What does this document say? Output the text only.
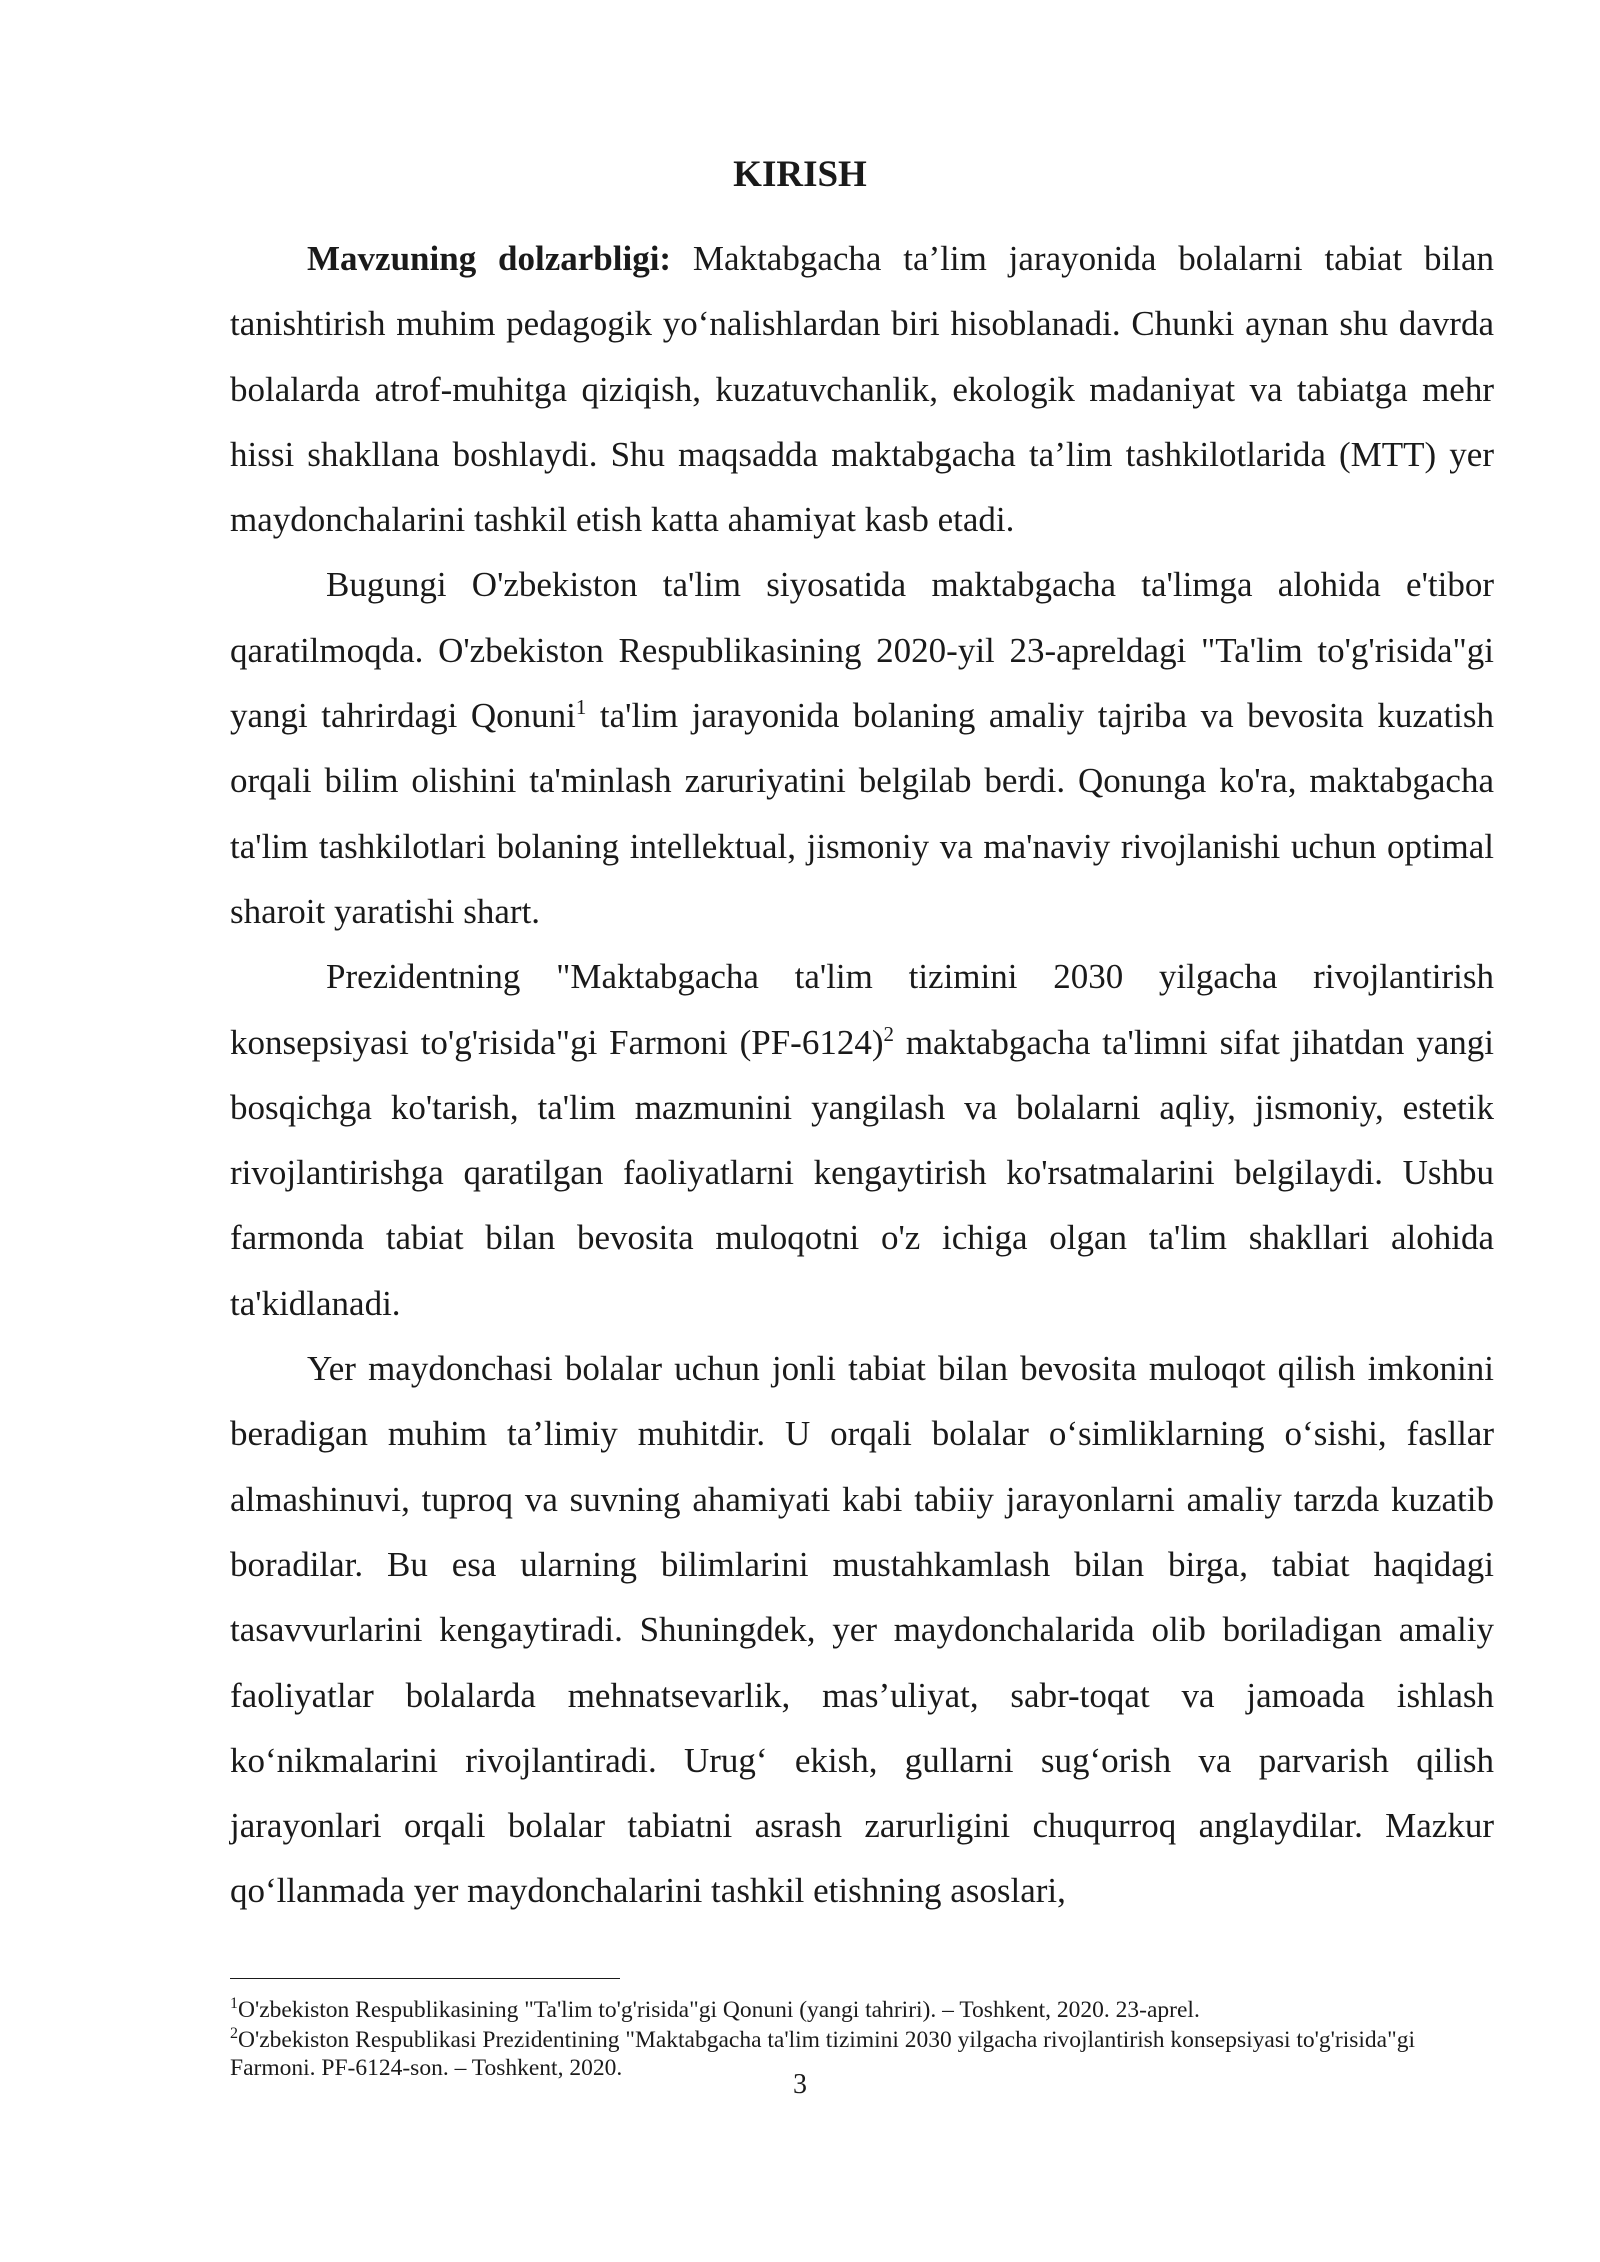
KIRISH

Mavzuning dolzarbligi: Maktabgacha ta’lim jarayonida bolalarni tabiat bilan tanishtirish muhim pedagogik yo‘nalishlardan biri hisoblanadi. Chunki aynan shu davrda bolalarda atrof-muhitga qiziqish, kuzatuvchanlik, ekologik madaniyat va tabiatga mehr hissi shakllana boshlaydi. Shu maqsadda maktabgacha ta’lim tashkilotlarida (MTT) yer maydonchalarini tashkil etish katta ahamiyat kasb etadi.

Bugungi O'zbekiston ta'lim siyosatida maktabgacha ta'limga alohida e'tibor qaratilmoqda. O'zbekiston Respublikasining 2020-yil 23-apreldagi "Ta'lim to'g'risida"gi yangi tahrirdagi Qonuni$^1$ ta'lim jarayonida bolaning amaliy tajriba va bevosita kuzatish orqali bilim olishini ta'minlash zaruriyatini belgilab berdi. Qonunga ko'ra, maktabgacha ta'lim tashkilotlari bolaning intellektual, jismoniy va ma'naviy rivojlanishi uchun optimal sharoit yaratishi shart.

Prezidentning "Maktabgacha ta'lim tizimini 2030 yilgacha rivojlantirish konsepsiyasi to'g'risida"gi Farmoni $(PF-6124)^2$ maktabgacha ta'limni sifat jihatdan yangi bosqichga ko'tarish, ta'lim mazmunini yangilash va bolalarni aqliy, jismoniy, estetik rivojlantirishga qaratilgan faoliyatlarni kengaytirish ko'rsatmalarini belgilaydi. Ushbu farmonda tabiat bilan bevosita muloqotni o'z ichiga olgan ta'lim shakllari alohida ta'kidlanadi.

Yer maydonchasi bolalar uchun jonli tabiat bilan bevosita muloqot qilish imkonini beradigan muhim ta’limiy muhitdir. U orqali bolalar o‘simliklarning o‘sishi, fasllar almashinuvi, tuproq va suvning ahamiyati kabi tabiiy jarayonlarni amaliy tarzda kuzatib boradilar. Bu esa ularning bilimlarini mustahkamlash bilan birga, tabiat haqidagi tasavvurlarini kengaytiradi. Shuningdek, yer maydonchalarida olib boriladigan amaliy faoliyatlar bolalarda mehnatsevarlik, mas’uliyat, sabr-toqat va jamoada ishlash ko‘nikmalarini rivojlantiradi. Urug‘ ekish, gullarni sug‘orish va parvarish qilish jarayonlari orqali bolalar tabiatni asrash zarurligini chuqurroq anglaydilar. Mazkur qo‘llanmada yer maydonchalarini tashkil etishning asoslari,

$^1$O'zbekiston Respublikasining "Ta'lim to'g'risida"gi Qonuni (yangi tahriri). – Toshkent, 2020. 23-aprel.

$^2$O'zbekiston Respublikasi Prezidentining "Maktabgacha ta'lim tizimini 2030 yilgacha rivojlantirish konsepsiyasi to'g'risida"gi Farmoni. PF-6124-son. – Toshkent, 2020.

3
